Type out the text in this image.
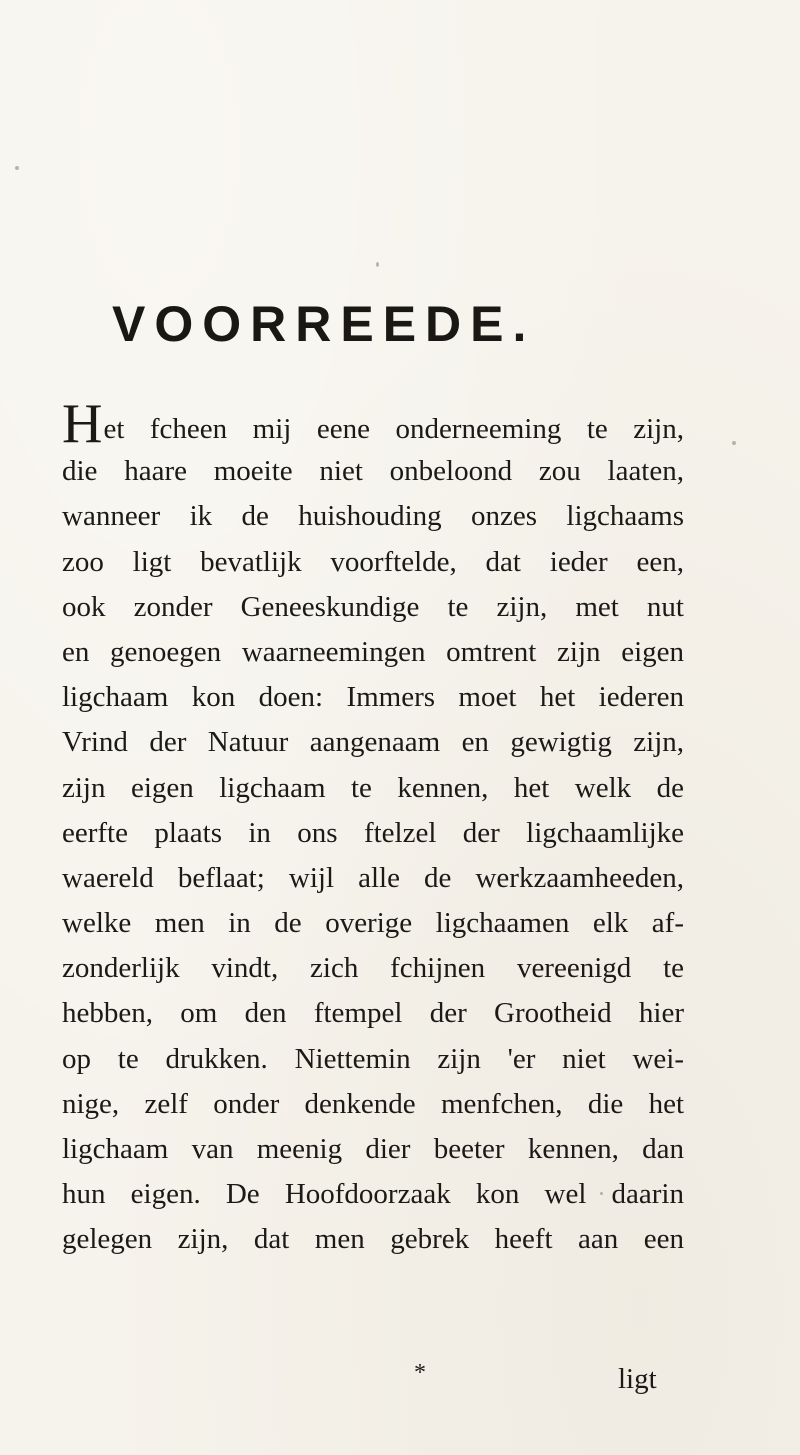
VOORREEDE.
Het fcheen mij eene onderneeming te zijn,
die haare moeite niet onbeloond zou laaten,
wanneer ik de huishouding onzes ligchaams
zoo ligt bevatlijk voorftelde, dat ieder een,
ook zonder Geneeskundige te zijn, met nut
en genoegen waarneemingen omtrent zijn eigen
ligchaam kon doen: Immers moet het iederen
Vrind der Natuur aangenaam en gewigtig zijn,
zijn eigen ligchaam te kennen, het welk de
eerfte plaats in ons ftelzel der ligchaamlijke
waereld beflaat; wijl alle de werkzaamheeden,
welke men in de overige ligchaamen elk af-
zonderlijk vindt, zich fchijnen vereenigd te
hebben, om den ftempel der Grootheid hier
op te drukken. Niettemin zijn 'er niet wei-
nige, zelf onder denkende menfchen, die het
ligchaam van meenig dier beeter kennen, dan
hun eigen. De Hoofdoorzaak kon wel daarin
gelegen zijn, dat men gebrek heeft aan een
*	ligt
